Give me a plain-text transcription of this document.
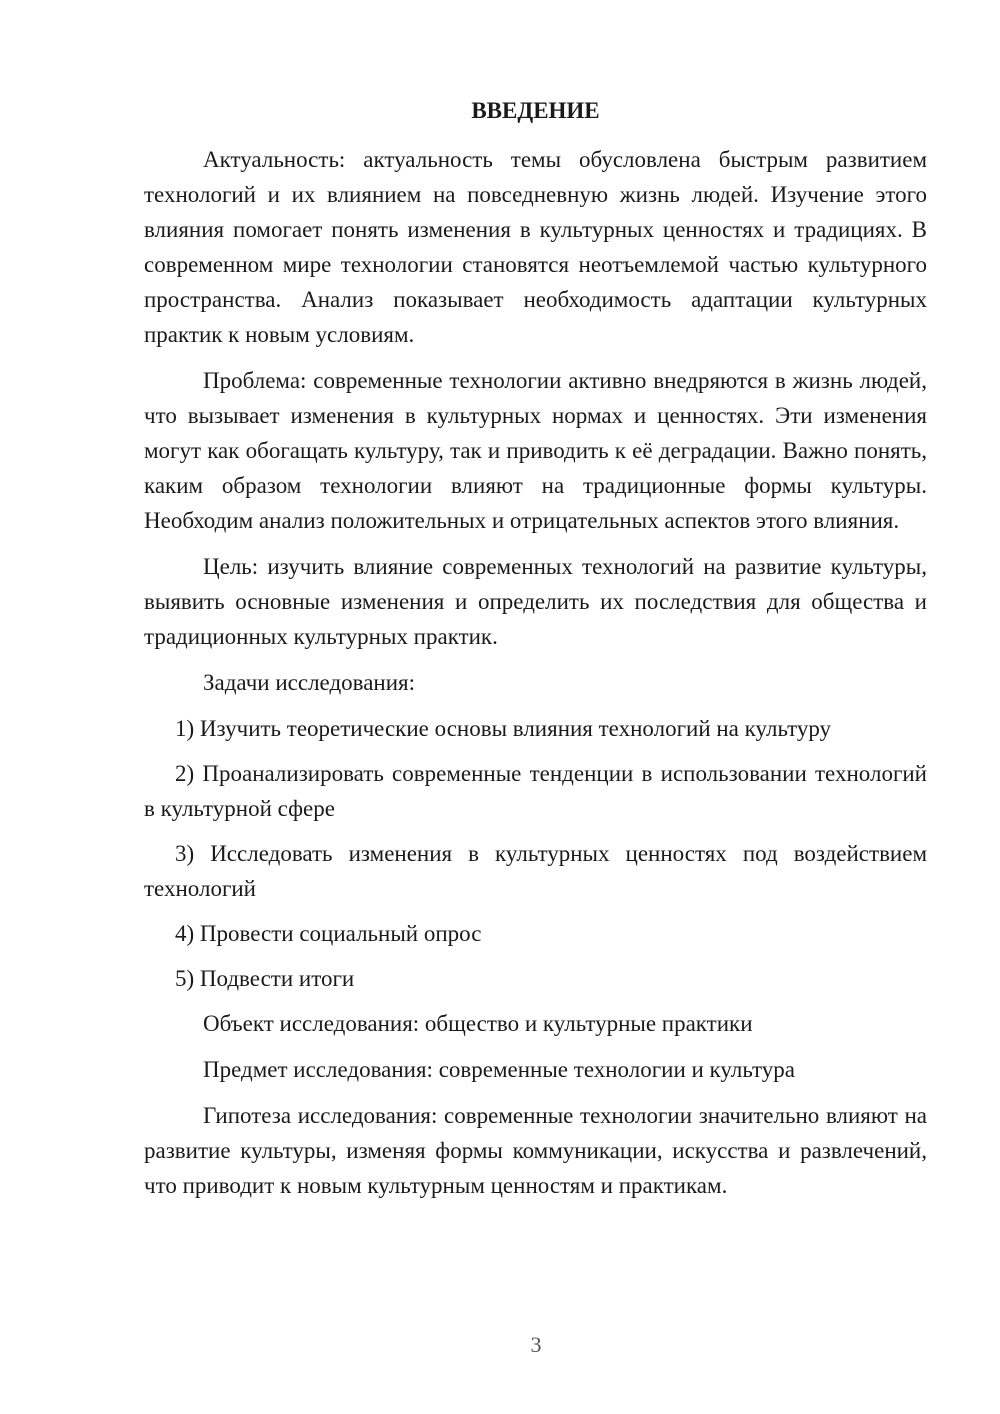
ВВЕДЕНИЕ

Актуальность: актуальность темы обусловлена быстрым развитием технологий и их влиянием на повседневную жизнь людей. Изучение этого влияния помогает понять изменения в культурных ценностях и традициях. В современном мире технологии становятся неотъемлемой частью культурного пространства. Анализ показывает необходимость адаптации культурных практик к новым условиям.

Проблема: современные технологии активно внедряются в жизнь людей, что вызывает изменения в культурных нормах и ценностях. Эти изменения могут как обогащать культуру, так и приводить к её деградации. Важно понять, каким образом технологии влияют на традиционные формы культуры. Необходим анализ положительных и отрицательных аспектов этого влияния.

Цель: изучить влияние современных технологий на развитие культуры, выявить основные изменения и определить их последствия для общества и традиционных культурных практик.

Задачи исследования:

1) Изучить теоретические основы влияния технологий на культуру

2) Проанализировать современные тенденции в использовании технологий в культурной сфере

3) Исследовать изменения в культурных ценностях под воздействием технологий

4) Провести социальный опрос

5) Подвести итоги

Объект исследования: общество и культурные практики

Предмет исследования: современные технологии и культура

Гипотеза исследования: современные технологии значительно влияют на развитие культуры, изменяя формы коммуникации, искусства и развлечений, что приводит к новым культурным ценностям и практикам.

3
